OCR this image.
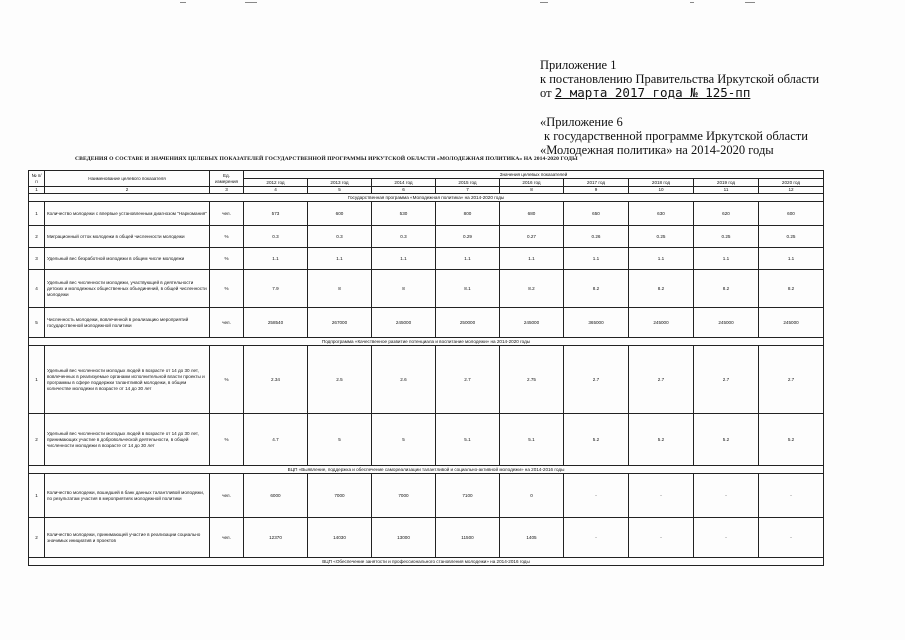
Приложение 1
к постановлению Правительства Иркутской области
от 2 марта 2017 года № 125-пп
«Приложение 6
к государственной программе Иркутской области
«Молодежная политика» на 2014-2020 годы
СВЕДЕНИЯ О СОСТАВЕ И ЗНАЧЕНИЯХ ЦЕЛЕВЫХ ПОКАЗАТЕЛЕЙ ГОСУДАРСТВЕННОЙ ПРОГРАММЫ ИРКУТСКОЙ ОБЛАСТИ «МОЛОДЕЖНАЯ ПОЛИТИКА» НА 2014-2020 ГОДЫ
№ п/п	Наименование целевого показателя	Ед. измерения	Значения целевых показателей								
			2012 год	2013 год	2014 год	2015 год	2016 год	2017 год	2018 год	2019 год	2020 год
1	2	3	4	5	6	7	8	9	10	11	12
Государственная программа «Молодежная политика» на 2014-2020 годы											
1	Количество молодежи с впервые установленным диагнозом "Наркомания"	чел.	573	600	530	800	680	650	630	620	600
2	Миграционный отток молодежи в общей численности молодежи	%	0.3	0.3	0.3	0.29	0.27	0.26	0.25	0.25	0.25
3	Удельный вес безработной молодежи в общем числе молодежи	%	1.1	1.1	1.1	1.1	1.1	1.1	1.1	1.1	1.1
4	Удельный вес численности молодежи, участвующей в деятельности детских и молодежных общественных объединений, в общей численности молодежи	%	7.9	8	8	8.1	8.2	8.2	8.2	8.2	8.2
5	Численность молодежи, вовлеченной в реализацию мероприятий государственной молодежной политики	чел.	258540	267000	245000	250000	245000	365000	245000	245000	245000
Подпрограмма «Качественное развитие потенциала и воспитание молодежи» на 2014-2020 годы											
1	Удельный вес численности молодых людей в возрасте от 14 до 30 лет, вовлеченных в реализуемые органами исполнительной власти проекты и программы в сфере поддержки талантливой молодежи, в общем количестве молодежи в возрасте от 14 до 30 лет	%	2.34	2.5	2.6	2.7	2.75	2.7	2.7	2.7	2.7
2	Удельный вес численности молодых людей в возрасте от 14 до 30 лет, принимающих участие в добровольческой деятельности, в общей численности молодежи в возрасте от 14 до 30 лет	%	4.7	5	5	5.1	5.1	5.2	5.2	5.2	5.2
ВЦП «Выявление, поддержка и обеспечение самореализации талантливой и социально-активной молодежи» на 2014-2016 годы											
1	Количество молодежи, вошедшей в банк данных талантливой молодежи, по результатам участия в мероприятиях молодежной политики	чел.	6000	7000	7000	7100	0	-	-	-	-
2	Количество молодежи, принимающей участие в реализации социально значимых инициатив и проектов	чел.	12370	14030	13000	11500	1405	-	-	-	-
ВЦП «Обеспечение занятости и профессионального становления молодежи» на 2014-2016 годы											
